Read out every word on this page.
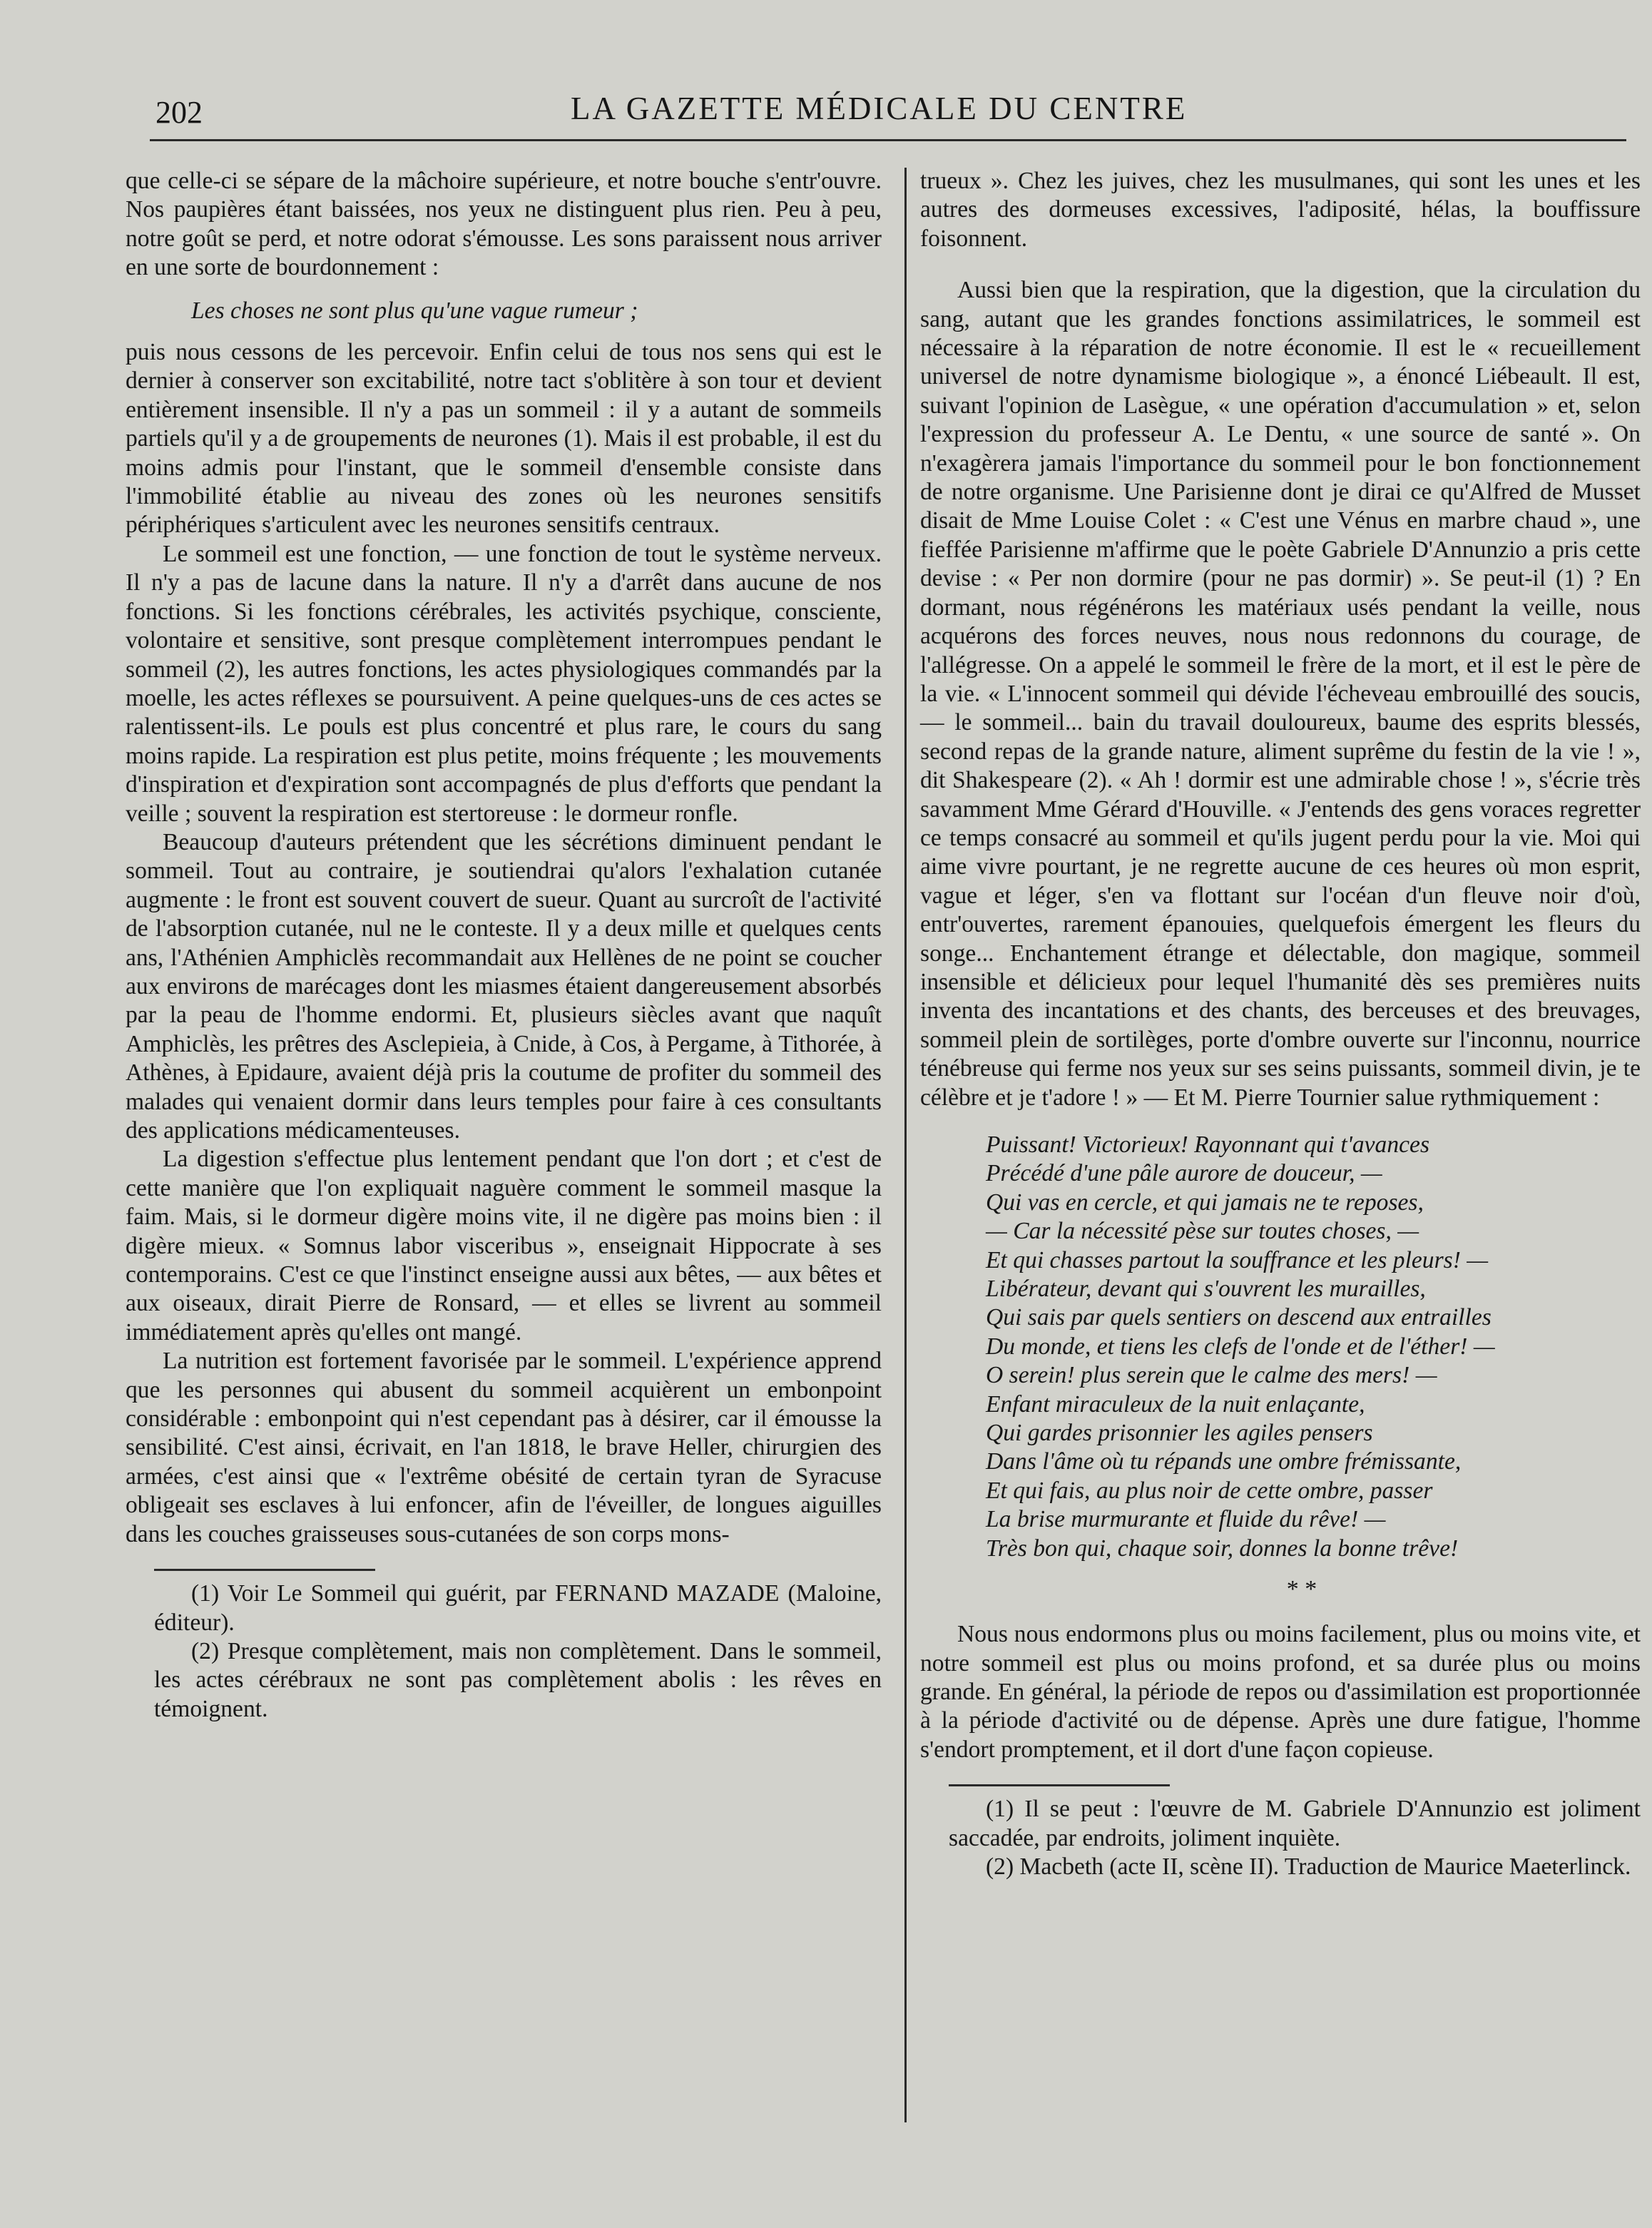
202	LA GAZETTE MÉDICALE DU CENTRE

que celle-ci se sépare de la mâchoire supérieure, et notre bouche s'entr'ouvre. Nos paupières étant baissées, nos yeux ne distinguent plus rien. Peu à peu, notre goût se perd, et notre odorat s'émousse. Les sons paraissent nous arriver en une sorte de bourdonnement :

Les choses ne sont plus qu'une vague rumeur ;

puis nous cessons de les percevoir. Enfin celui de tous nos sens qui est le dernier à conserver son excitabilité, notre tact s'oblitère à son tour et devient entièrement insensible. Il n'y a pas un sommeil : il y a autant de sommeils partiels qu'il y a de groupements de neurones (1). Mais il est probable, il est du moins admis pour l'instant, que le sommeil d'ensemble consiste dans l'immobilité établie au niveau des zones où les neurones sensitifs périphériques s'articulent avec les neurones sensitifs centraux.

Le sommeil est une fonction, — une fonction de tout le système nerveux. Il n'y a pas de lacune dans la nature. Il n'y a d'arrêt dans aucune de nos fonctions. Si les fonctions cérébrales, les activités psychique, consciente, volontaire et sensitive, sont presque complètement interrompues pendant le sommeil (2), les autres fonctions, les actes physiologiques commandés par la moelle, les actes réflexes se poursuivent. A peine quelques-uns de ces actes se ralentissent-ils. Le pouls est plus concentré et plus rare, le cours du sang moins rapide. La respiration est plus petite, moins fréquente ; les mouvements d'inspiration et d'expiration sont accompagnés de plus d'efforts que pendant la veille ; souvent la respiration est stertoreuse : le dormeur ronfle.

Beaucoup d'auteurs prétendent que les sécrétions diminuent pendant le sommeil. Tout au contraire, je soutiendrai qu'alors l'exhalation cutanée augmente : le front est souvent couvert de sueur. Quant au surcroît de l'activité de l'absorption cutanée, nul ne le conteste. Il y a deux mille et quelques cents ans, l'Athénien Amphiclès recommandait aux Hellènes de ne point se coucher aux environs de marécages dont les miasmes étaient dangereusement absorbés par la peau de l'homme endormi. Et, plusieurs siècles avant que naquît Amphiclès, les prêtres des Asclepieia, à Cnide, à Cos, à Pergame, à Tithorée, à Athènes, à Epidaure, avaient déjà pris la coutume de profiter du sommeil des malades qui venaient dormir dans leurs temples pour faire à ces consultants des applications médicamenteuses.

La digestion s'effectue plus lentement pendant que l'on dort ; et c'est de cette manière que l'on expliquait naguère comment le sommeil masque la faim. Mais, si le dormeur digère moins vite, il ne digère pas moins bien : il digère mieux. « Somnus labor visceribus », enseignait Hippocrate à ses contemporains. C'est ce que l'instinct enseigne aussi aux bêtes, — aux bêtes et aux oiseaux, dirait Pierre de Ronsard, — et elles se livrent au sommeil immédiatement après qu'elles ont mangé.

La nutrition est fortement favorisée par le sommeil. L'expérience apprend que les personnes qui abusent du sommeil acquièrent un embonpoint considérable : embonpoint qui n'est cependant pas à désirer, car il émousse la sensibilité. C'est ainsi, écrivait, en l'an 1818, le brave Heller, chirurgien des armées, c'est ainsi que « l'extrême obésité de certain tyran de Syracuse obligeait ses esclaves à lui enfoncer, afin de l'éveiller, de longues aiguilles dans les couches graisseuses sous-cutanées de son corps mons-

(1) Voir Le Sommeil qui guérit, par FERNAND MAZADE (Maloine, éditeur).

(2) Presque complètement, mais non complètement. Dans le sommeil, les actes cérébraux ne sont pas complètement abolis : les rêves en témoignent.

trueux ». Chez les juives, chez les musulmanes, qui sont les unes et les autres des dormeuses excessives, l'adiposité, hélas, la bouffissure foisonnent.

Aussi bien que la respiration, que la digestion, que la circulation du sang, autant que les grandes fonctions assimilatrices, le sommeil est nécessaire à la réparation de notre économie. Il est le « recueillement universel de notre dynamisme biologique », a énoncé Liébeault. Il est, suivant l'opinion de Lasègue, « une opération d'accumulation » et, selon l'expression du professeur A. Le Dentu, « une source de santé ». On n'exagèrera jamais l'importance du sommeil pour le bon fonctionnement de notre organisme. Une Parisienne dont je dirai ce qu'Alfred de Musset disait de Mme Louise Colet : « C'est une Vénus en marbre chaud », une fieffée Parisienne m'affirme que le poète Gabriele D'Annunzio a pris cette devise : « Per non dormire (pour ne pas dormir) ». Se peut-il (1) ? En dormant, nous régénérons les matériaux usés pendant la veille, nous acquérons des forces neuves, nous nous redonnons du courage, de l'allégresse. On a appelé le sommeil le frère de la mort, et il est le père de la vie. « L'innocent sommeil qui dévide l'écheveau embrouillé des soucis, — le sommeil... bain du travail douloureux, baume des esprits blessés, second repas de la grande nature, aliment suprême du festin de la vie ! », dit Shakespeare (2). « Ah ! dormir est une admirable chose ! », s'écrie très savamment Mme Gérard d'Houville. « J'entends des gens voraces regretter ce temps consacré au sommeil et qu'ils jugent perdu pour la vie. Moi qui aime vivre pourtant, je ne regrette aucune de ces heures où mon esprit, vague et léger, s'en va flottant sur l'océan d'un fleuve noir d'où, entr'ouvertes, rarement épanouies, quelquefois émergent les fleurs du songe... Enchantement étrange et délectable, don magique, sommeil insensible et délicieux pour lequel l'humanité dès ses premières nuits inventa des incantations et des chants, des berceuses et des breuvages, sommeil plein de sortilèges, porte d'ombre ouverte sur l'inconnu, nourrice ténébreuse qui ferme nos yeux sur ses seins puissants, sommeil divin, je te célèbre et je t'adore ! » — Et M. Pierre Tournier salue rythmiquement :

Puissant! Victorieux! Rayonnant qui t'avances

Précédé d'une pâle aurore de douceur, —

Qui vas en cercle, et qui jamais ne te reposes,

— Car la nécessité pèse sur toutes choses, —

Et qui chasses partout la souffrance et les pleurs! —

Libérateur, devant qui s'ouvrent les murailles,

Qui sais par quels sentiers on descend aux entrailles

Du monde, et tiens les clefs de l'onde et de l'éther! —

O serein! plus serein que le calme des mers! —

Enfant miraculeux de la nuit enlaçante,

Qui gardes prisonnier les agiles pensers

Dans l'âme où tu répands une ombre frémissante,

Et qui fais, au plus noir de cette ombre, passer

La brise murmurante et fluide du rêve! —

Très bon qui, chaque soir, donnes la bonne trêve!

* *

Nous nous endormons plus ou moins facilement, plus ou moins vite, et notre sommeil est plus ou moins profond, et sa durée plus ou moins grande. En général, la période de repos ou d'assimilation est proportionnée à la période d'activité ou de dépense. Après une dure fatigue, l'homme s'endort promptement, et il dort d'une façon copieuse.

(1) Il se peut : l'œuvre de M. Gabriele D'Annunzio est joliment saccadée, par endroits, joliment inquiète.

(2) Macbeth (acte II, scène II). Traduction de Maurice Maeterlinck.
